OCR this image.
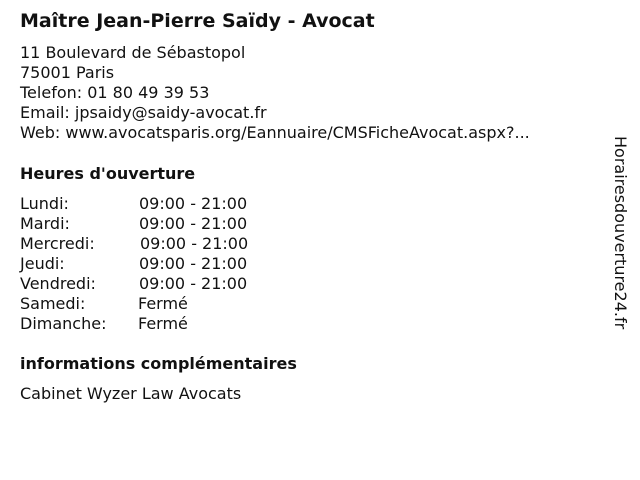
Maître Jean-Pierre Saïdy - Avocat
11 Boulevard de Sébastopol
75001 Paris
Telefon: 01 80 49 39 53
Email: jpsaidy@saidy-avocat.fr
Web: www.avocatsparis.org/Eannuaire/CMSFicheAvocat.aspx?...
Heures d'ouverture
Lundi:	09:00 - 21:00
Mardi:	09:00 - 21:00
Mercredi:	09:00 - 21:00
Jeudi:	09:00 - 21:00
Vendredi:	09:00 - 21:00
Samedi:	Fermé
Dimanche: Fermé
informations complémentaires
Cabinet Wyzer Law Avocats
Horairesdouverture24.fr
